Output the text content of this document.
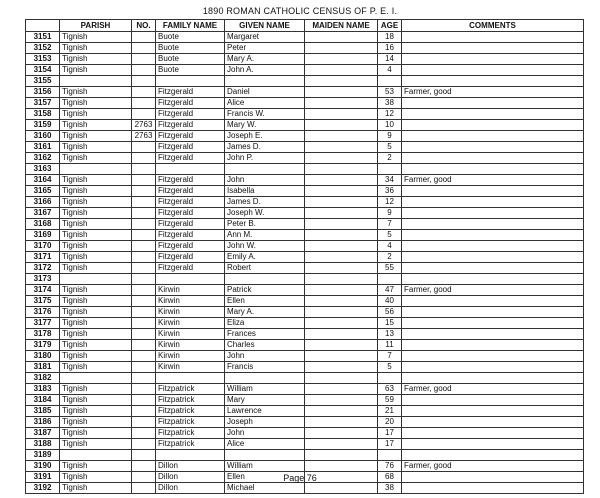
1890 ROMAN CATHOLIC CENSUS OF P. E. I.
	PARISH	NO.	FAMILY NAME	GIVEN NAME	MAIDEN NAME	AGE	COMMENTS
3151	Tignish		Buote	Margaret		18	
3152	Tignish		Buote	Peter		16	
3153	Tignish		Buote	Mary A.		14	
3154	Tignish		Buote	John A.		4	
3155							
3156	Tignish		Fitzgerald	Daniel		53	Farmer, good
3157	Tignish		Fitzgerald	Alice		38	
3158	Tignish		Fitzgerald	Francis W.		12	
3159	Tignish	2763	Fitzgerald	Mary W.		10	
3160	Tignish	2763	Fitzgerald	Joseph E.		9	
3161	Tignish		Fitzgerald	James D.		5	
3162	Tignish		Fitzgerald	John P.		2	
3163							
3164	Tignish		Fitzgerald	John		34	Farmer, good
3165	Tignish		Fitzgerald	Isabella		36	
3166	Tignish		Fitzgerald	James D.		12	
3167	Tignish		Fitzgerald	Joseph W.		9	
3168	Tignish		Fitzgerald	Peter B.		7	
3169	Tignish		Fitzgerald	Ann M.		5	
3170	Tignish		Fitzgerald	John W.		4	
3171	Tignish		Fitzgerald	Emily A.		2	
3172	Tignish		Fitzgerald	Robert		55	
3173							
3174	Tignish		Kirwin	Patrick		47	Farmer, good
3175	Tignish		Kirwin	Ellen		40	
3176	Tignish		Kirwin	Mary A.		56	
3177	Tignish		Kirwin	Eliza		15	
3178	Tignish		Kirwin	Frances		13	
3179	Tignish		Kirwin	Charles		11	
3180	Tignish		Kirwin	John		7	
3181	Tignish		Kirwin	Francis		5	
3182							
3183	Tignish		Fitzpatrick	William		63	Farmer, good
3184	Tignish		Fitzpatrick	Mary		59	
3185	Tignish		Fitzpatrick	Lawrence		21	
3186	Tignish		Fitzpatrick	Joseph		20	
3187	Tignish		Fitzpatrick	John		17	
3188	Tignish		Fitzpatrick	Alice		17	
3189							
3190	Tignish		Dillon	William		76	Farmer, good
3191	Tignish		Dillon	Ellen		68	
3192	Tignish		Dillon	Michael		38	
Page 76
